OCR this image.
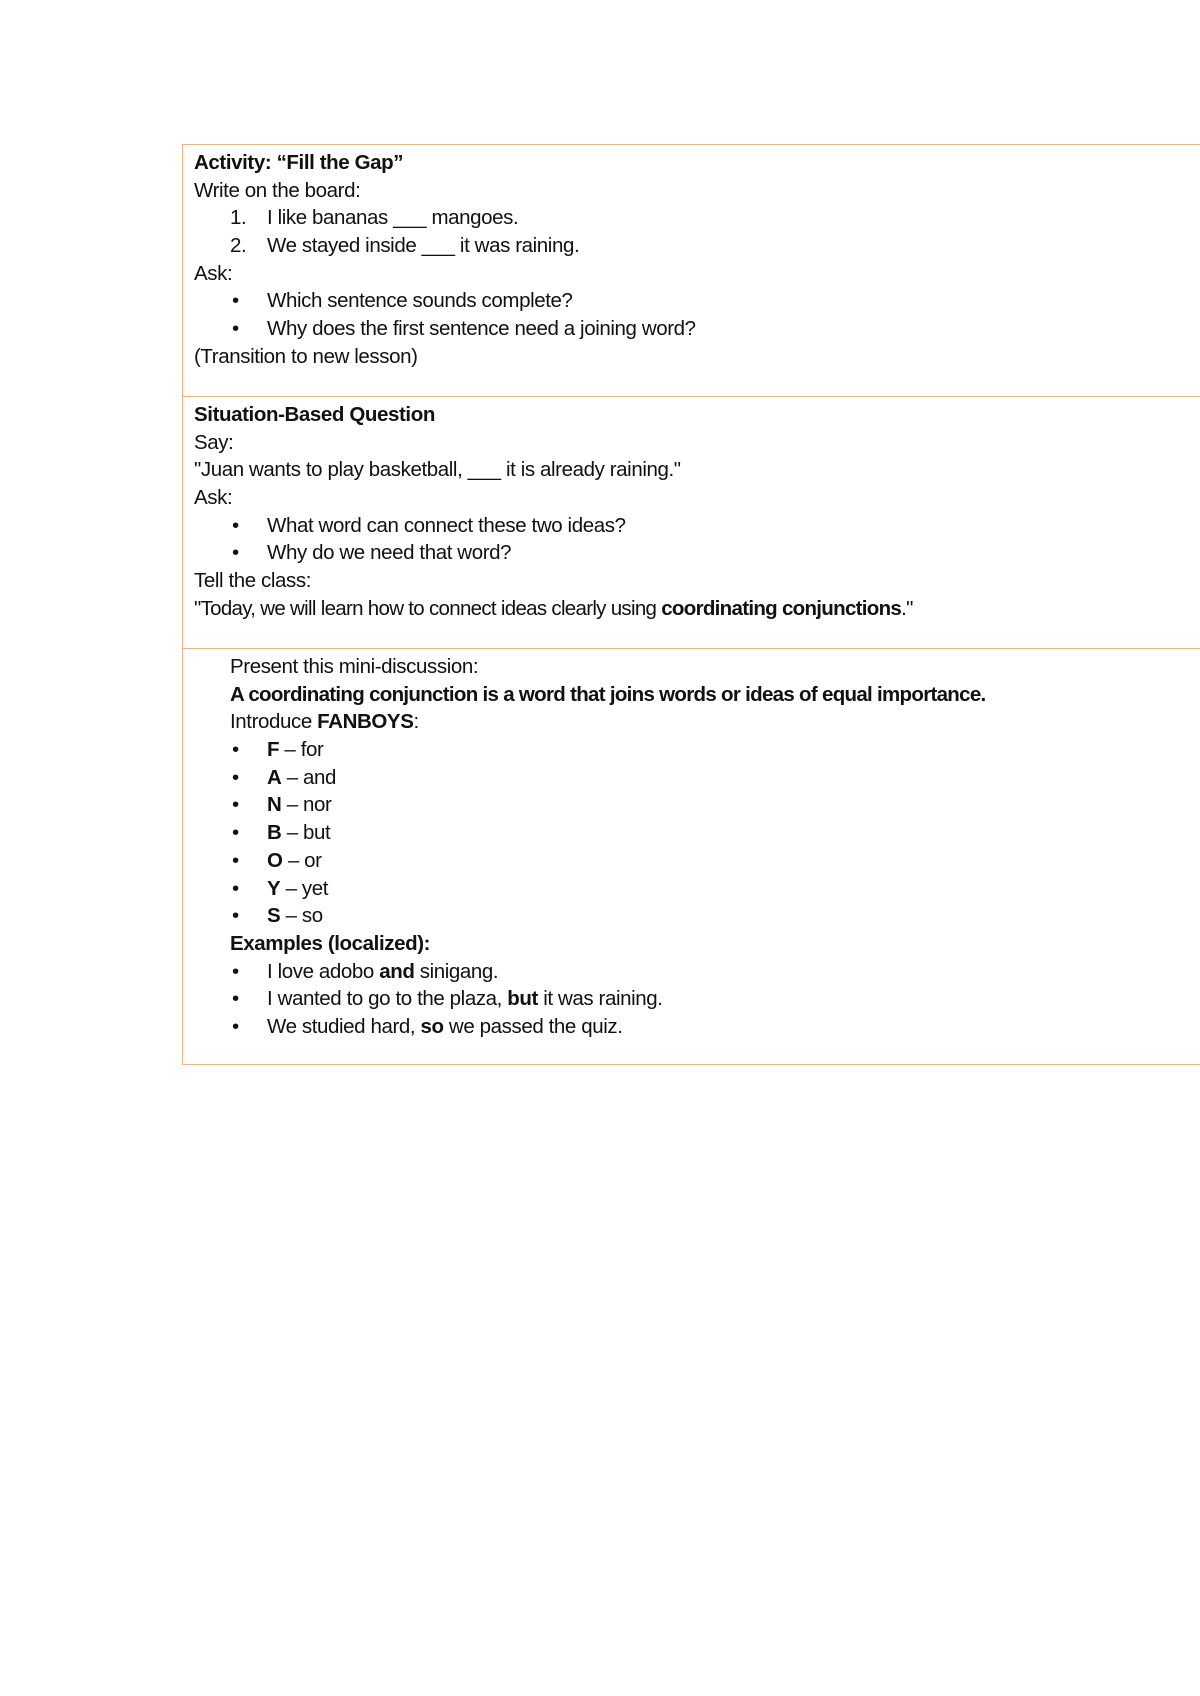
Activity: “Fill the Gap”
Write on the board:
1. I like bananas ___ mangoes.
2. We stayed inside ___ it was raining.
Ask:
• Which sentence sounds complete?
• Why does the first sentence need a joining word?
(Transition to new lesson)
Situation-Based Question
Say:
"Juan wants to play basketball, ___ it is already raining."
Ask:
• What word can connect these two ideas?
• Why do we need that word?
Tell the class:
"Today, we will learn how to connect ideas clearly using coordinating conjunctions."
Present this mini-discussion:
A coordinating conjunction is a word that joins words or ideas of equal importance.
Introduce FANBOYS:
• F – for
• A – and
• N – nor
• B – but
• O – or
• Y – yet
• S – so
Examples (localized):
• I love adobo and sinigang.
• I wanted to go to the plaza, but it was raining.
• We studied hard, so we passed the quiz.
